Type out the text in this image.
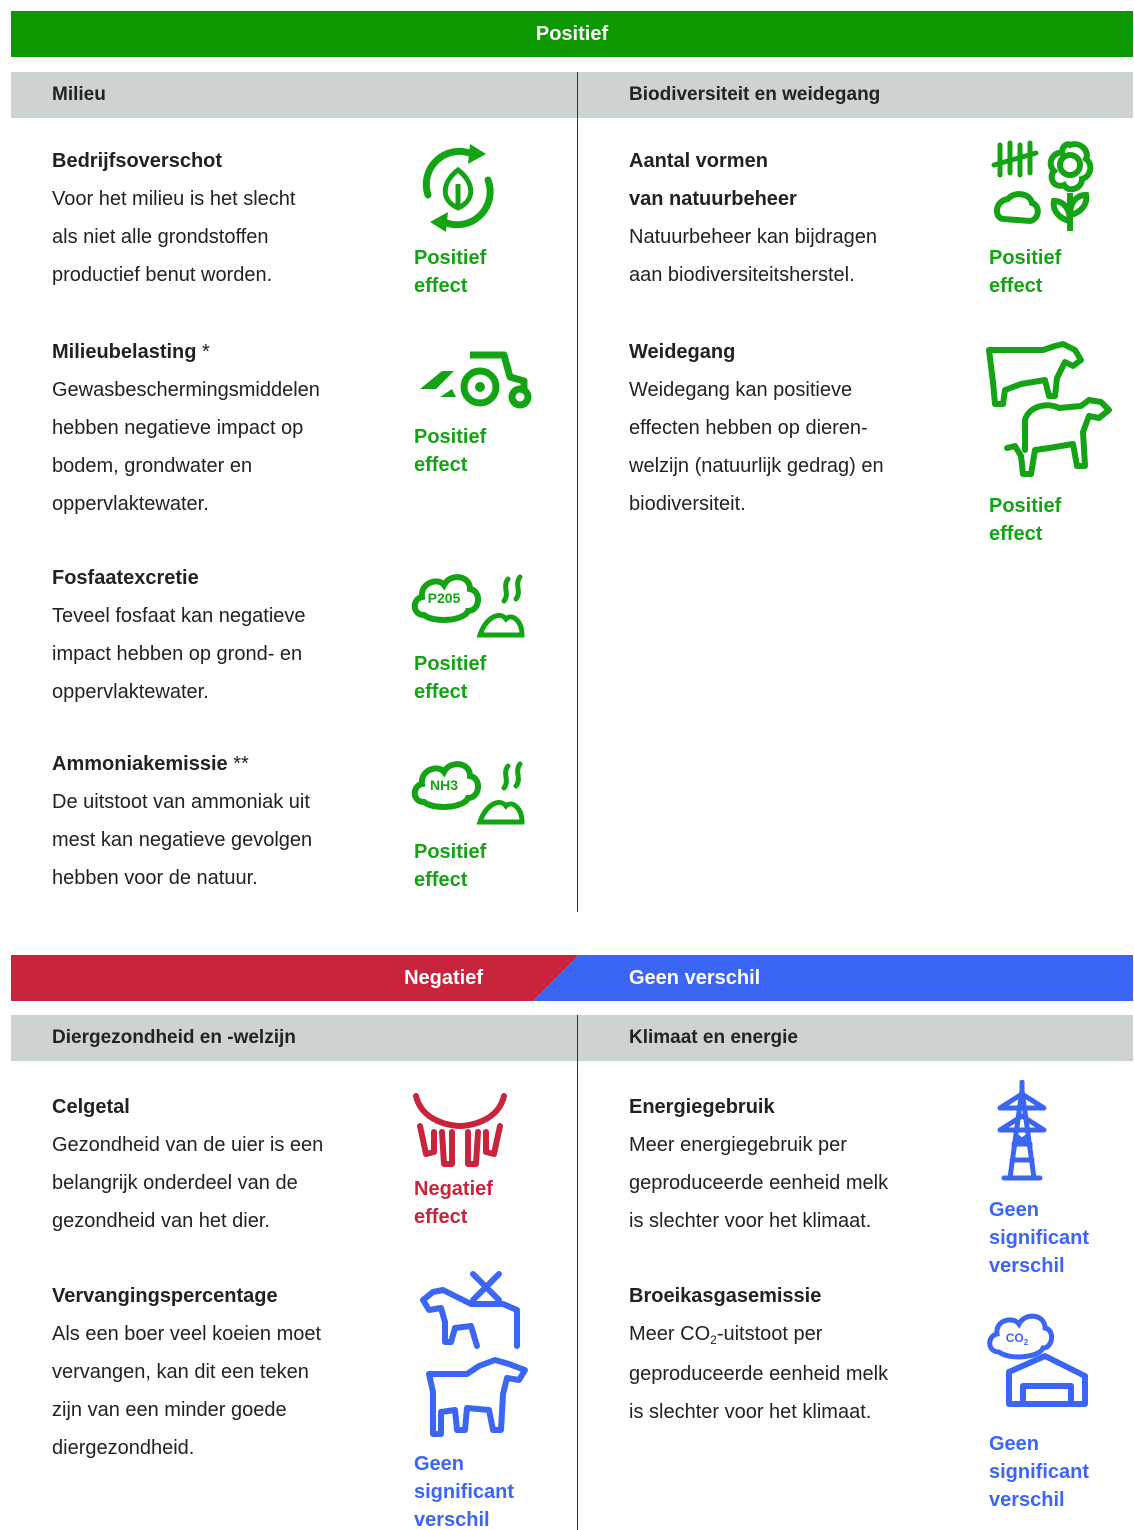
Positief
Milieu	Biodiversiteit en weidegang
Bedrijfsoverschot
Voor het milieu is het slecht
als niet alle grondstoffen
productief benut worden.
Positief
effect
Milieubelasting *
Gewasbeschermingsmiddelen
hebben negatieve impact op
bodem, grondwater en
oppervlaktewater.
Positief
effect
Fosfaatexcretie
Teveel fosfaat kan negatieve
impact hebben op grond- en
oppervlaktewater.
P205
Positief
effect
Ammoniakemissie **
De uitstoot van ammoniak uit
mest kan negatieve gevolgen
hebben voor de natuur.
NH3
Positief
effect
Aantal vormen
van natuurbeheer
Natuurbeheer kan bijdragen
aan biodiversiteitsherstel.
Positief
effect
Weidegang
Weidegang kan positieve
effecten hebben op dieren-
welzijn (natuurlijk gedrag) en
biodiversiteit.	Positief
effect
Negatief	Geen verschil
Diergezondheid en -welzijn	Klimaat en energie
Celgetal
Gezondheid van de uier is een
belangrijk onderdeel van de
gezondheid van het dier.
Negatief
effect
Vervangingspercentage
Als een boer veel koeien moet
vervangen, kan dit een teken
zijn van een minder goede
diergezondheid.
Geen
significant
verschil
Energiegebruik
Meer energiegebruik per
geproduceerde eenheid melk
is slechter voor het klimaat.	Geen
significant
verschil
Broeikasgasemissie
Meer $CO_2$-uitstoot per
geproduceerde eenheid melk
is slechter voor het klimaat.
$CO_2$
Geen
significant
verschil
